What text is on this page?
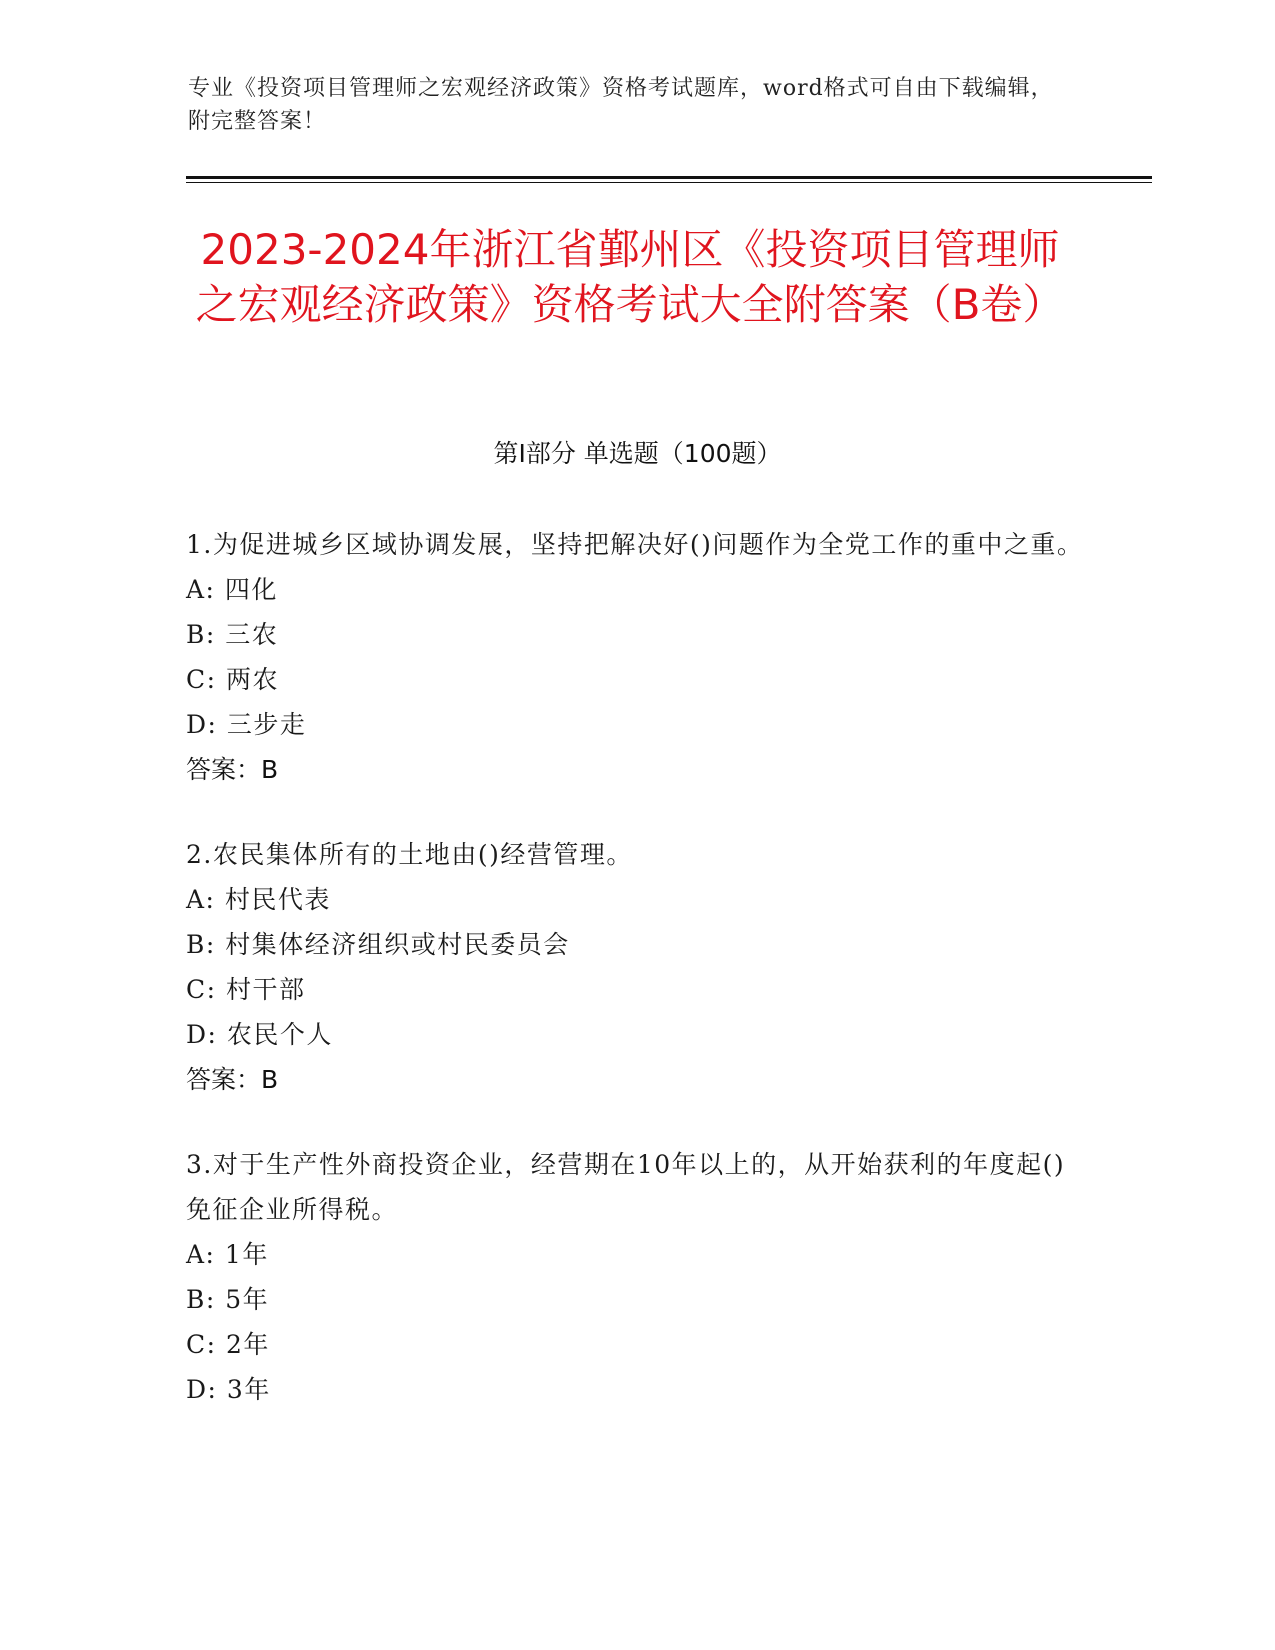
专业《投资项目管理师之宏观经济政策》资格考试题库，word格式可自由下载编辑，附完整答案！
2023-2024年浙江省鄞州区《投资项目管理师之宏观经济政策》资格考试大全附答案（B卷）
第Ⅰ部分 单选题（100题）

1.为促进城乡区域协调发展，坚持把解决好()问题作为全党工作的重中之重。

A: 四化

B: 三农

C: 两农

D: 三步走

答案：B

2.农民集体所有的土地由()经营管理。

A: 村民代表

B: 村集体经济组织或村民委员会

C: 村干部

D: 农民个人

答案：B

3.对于生产性外商投资企业，经营期在10年以上的，从开始获利的年度起()免征企业所得税。

A: 1年

B: 5年

C: 2年

D: 3年
